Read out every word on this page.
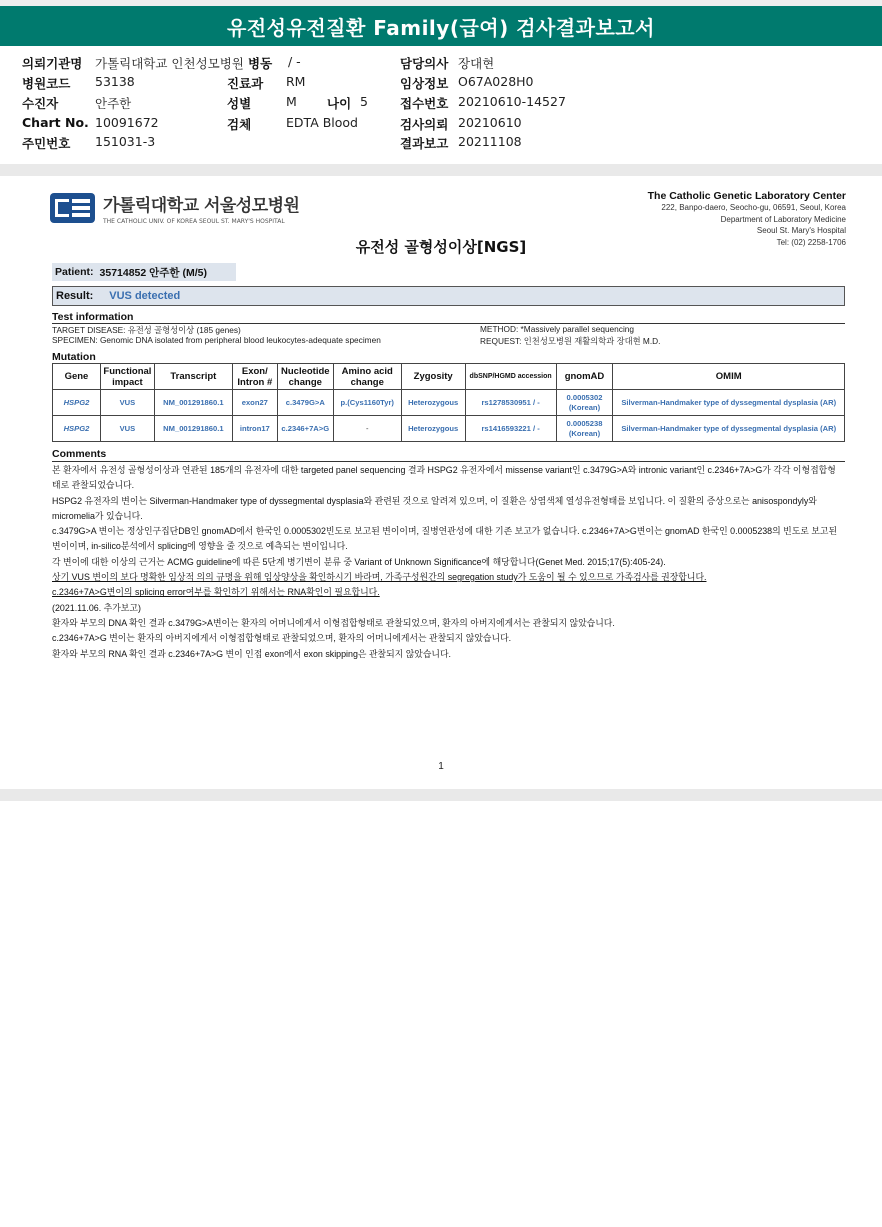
유전성유전질환 Family(급여) 검사결과보고서
의뢰기관명 가톨릭대학교 인천성모병원 병동 / -	담당의사 장대현
병원코드 53138	진료과 RM	임상정보 O67A028H0
수진자	안주한	성별	M 나이 5	접수번호 20210610-14527
Chart No. 10091672	검체	EDTA Blood	검사의뢰 20210610
주민번호 151031-3	결과보고 20211108
가톨릭대학교 서울성모병원
THE CATHOLIC UNIV. OF KOREA SEOUL ST. MARY'S HOSPITAL
The Catholic Genetic Laboratory Center
222, Banpo-daero, Seocho-gu, 06591, Seoul, Korea
Department of Laboratory Medicine
Seoul St. Mary's Hospital
Tel: (02) 2258-1706
유전성 골형성이상[NGS]
Patient: 35714852 안주한 (M/5)
Result: VUS detected
Test information
TARGET DISEASE: 유전성 골형성이상 (185 genes)
SPECIMEN: Genomic DNA isolated from peripheral blood leukocytes-adequate specimen
METHOD: *Massively parallel sequencing
REQUEST: 인천성모병원 재활의학과 장대현 M.D.
Mutation
Gene	Functional impact	Transcript	Exon/ Intron #	Nucleotide change	Amino acid change	Zygosity	dbSNP/HGMD accession	gnomAD	OMIM
HSPG2	VUS	NM_001291860.1	exon27	c.3479G>A	p.(Cys1160Tyr)	Heterozygous	rs1278530951 / -	0.0005302 (Korean)	Silverman-Handmaker type of dyssegmental dysplasia (AR)
HSPG2	VUS	NM_001291860.1	intron17	c.2346+7A>G	-	Heterozygous	rs1416593221 / -	0.0005238 (Korean)	Silverman-Handmaker type of dyssegmental dysplasia (AR)
Comments

본 환자에서 유전성 골형성이상과 연관된 185개의 유전자에 대한 targeted panel sequencing 결과 HSPG2 유전자에서 missense variant인 c.3479G>A와 intronic variant인 c.2346+7A>G가 각각 이형접합형태로 관찰되었습니다.

HSPG2 유전자의 변이는 Silverman-Handmaker type of dyssegmental dysplasia와 관련된 것으로 알려져 있으며, 이 질환은 상염색체 열성유전형태를 보입니다. 이 질환의 증상으로는 anisospondyly와 micromelia가 있습니다.

c.3479G>A 변이는 정상인구집단DB인 gnomAD에서 한국인 0.0005302빈도로 보고된 변이이며, 질병연관성에 대한 기존 보고가 없습니다. c.2346+7A>G변이는 gnomAD 한국인 0.0005238의 빈도로 보고된 변이이며, in-silico분석에서 splicing에 영향을 줄 것으로 예측되는 변이입니다.

각 변이에 대한 이상의 근거는 ACMG guideline에 따른 5단계 병기변이 분류 중 Variant of Unknown Significance에 해당합니다(Genet Med. 2015;17(5):405-24).

상기 VUS 변이의 보다 명확한 임상적 의의 규명을 위해 임상양상을 확인하시기 바라며, 가족구성원간의 segregation study가 도움이 될 수 있으므로 가족검사를 권장합니다.

c.2346+7A>G변이의 splicing error여부를 확인하기 위해서는 RNA확인이 필요합니다.

(2021.11.06. 추가보고)

환자와 부모의 DNA 확인 결과 c.3479G>A변이는 환자의 어머니에게서 이형접합형태로 관찰되었으며, 환자의 아버지에게서는 관찰되지 않았습니다.

c.2346+7A>G 변이는 환자의 아버지에게서 이형접합형태로 관찰되었으며, 환자의 어머니에게서는 관찰되지 않았습니다.

환자와 부모의 RNA 확인 결과 c.2346+7A>G 변이 인접 exon에서 exon skipping은 관찰되지 않았습니다.

1
